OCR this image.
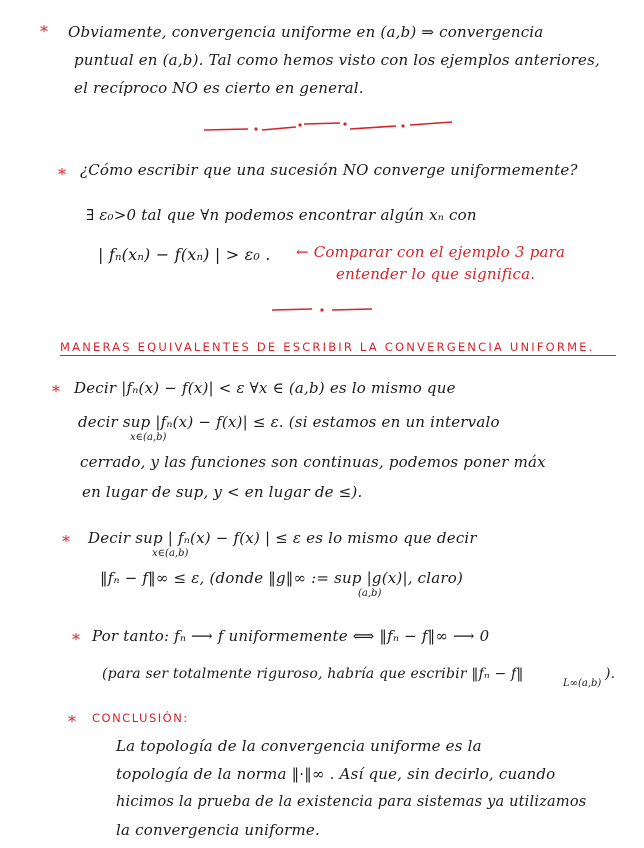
* Obviamente, convergencia uniforme en (a,b) ⇒ convergencia
puntual en (a,b). Tal como hemos visto con los ejemplos anteriores,
el recíproco NO es cierto en general.
* ¿Cómo escribir que una sucesión NO converge uniformemente?
∃ ε₀>0 tal que ∀n podemos encontrar algún xₙ con
| fₙ(xₙ) − f(xₙ) | > ε₀ . ← Comparar con el ejemplo 3 para
entender lo que significa.
MANERAS EQUIVALENTES DE ESCRIBIR LA CONVERGENCIA UNIFORME.
* Decir |fₙ(x) − f(x)| < ε ∀x ∈ (a,b) es lo mismo que
decir sup |fₙ(x) − f(x)| ≤ ε. (si estamos en un intervalo
x∈(a,b)
cerrado, y las funciones son continuas, podemos poner máx
en lugar de sup, y < en lugar de ≤).
* Decir sup | fₙ(x) − f(x) | ≤ ε es lo mismo que decir
x∈(a,b)
‖fₙ − f‖∞ ≤ ε, (donde ‖g‖∞ := sup |g(x)|, claro)
(a,b)
* Por tanto: fₙ ⟶ f uniformemente ⟺ ‖fₙ − f‖∞ ⟶ 0
(para ser totalmente riguroso, habría que escribir ‖fₙ − f‖
L∞(a,b)
).
* CONCLUSIÓN:
La topología de la convergencia uniforme es la
topología de la norma ‖·‖∞ . Así que, sin decirlo, cuando
hicimos la prueba de la existencia para sistemas ya utilizamos
la convergencia uniforme.
